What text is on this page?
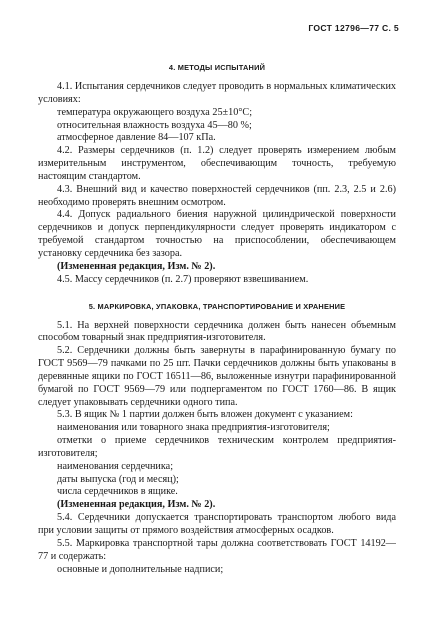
ГОСТ 12796—77 С. 5
4. МЕТОДЫ ИСПЫТАНИЙ

4.1. Испытания сердечников следует проводить в нормальных климатических условиях:

температура окружающего воздуха 25±10°С;

относительная влажность воздуха 45—80 %;

атмосферное давление 84—107 кПа.

4.2. Размеры сердечников (п. 1.2) следует проверять измерением любым измерительным инструментом, обеспечивающим точность, требуемую настоящим стандартом.

4.3. Внешний вид и качество поверхностей сердечников (пп. 2.3, 2.5 и 2.6) необходимо проверять внешним осмотром.

4.4. Допуск радиального биения наружной цилиндрической поверхности сердечников и допуск перпендикулярности следует проверять индикатором с требуемой стандартом точностью на приспособлении, обеспечивающем установку сердечника без зазора.

(Измененная редакция, Изм. № 2).

4.5. Массу сердечников (п. 2.7) проверяют взвешиванием.

5. МАРКИРОВКА, УПАКОВКА, ТРАНСПОРТИРОВАНИЕ И ХРАНЕНИЕ

5.1. На верхней поверхности сердечника должен быть нанесен объемным способом товарный знак предприятия-изготовителя.

5.2. Сердечники должны быть завернуты в парафинированную бумагу по ГОСТ 9569—79 пачками по 25 шт. Пачки сердечников должны быть упакованы в деревянные ящики по ГОСТ 16511—86, выложенные изнутри парафинированной бумагой по ГОСТ 9569—79 или подпергаментом по ГОСТ 1760—86. В ящик следует упаковывать сердечники одного типа.

5.3. В ящик № 1 партии должен быть вложен документ с указанием:

наименования или товарного знака предприятия-изготовителя;

отметки о приеме сердечников техническим контролем предприятия-изготовителя;

наименования сердечника;

даты выпуска (год и месяц);

числа сердечников в ящике.

(Измененная редакция, Изм. № 2).

5.4. Сердечники допускается транспортировать транспортом любого вида при условии защиты от прямого воздействия атмосферных осадков.

5.5. Маркировка транспортной тары должна соответствовать ГОСТ 14192—77 и содержать:

основные и дополнительные надписи;
